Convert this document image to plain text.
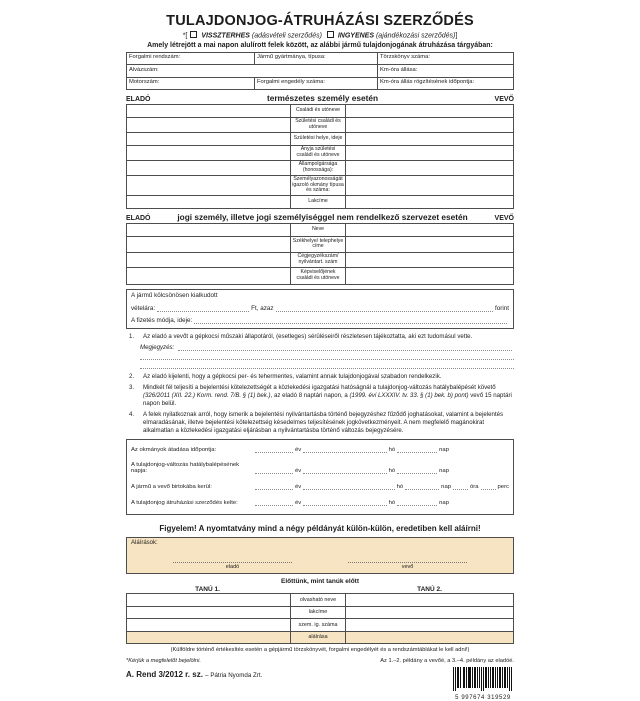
TULAJDONJOG-ÁTRUHÁZÁSI SZERZŐDÉS
*[ VISSZTERHES (adásvételi szerződés) INGYENES (ajándékozási szerződés)]
Amely létrejött a mai napon alulírott felek között, az alábbi jármű tulajdonjogának átruházása tárgyában:
Forgalmi rendszám:	Jármű gyártmánya, típusa:	Törzskönyv száma:
Alvázszám:	Km-óra állása:
Motorszám:	Forgalmi engedély száma:	Km-óra állás rögzítésének időpontja:
ELADÓ	természetes személy esetén	VEVŐ
Családi és utóneve
Születési családi és utóneve
Születési helye, ideje
Anyja születési családi és utóneve
Állampolgársága (honossága):
Személyazonosságát igazoló okmány típusa és száma:
Lakcíme
ELADÓ	jogi személy, illetve jogi személyiséggel nem rendelkező szervezet esetén	VEVŐ
Neve
Székhelye/ telephelye címe
Cégjegyzékszám/ nyilvántart. szám
Képviselőjének családi és utóneve
A jármű kölcsönösen kialkudott
vételára:	Ft, azaz	forint
A fizetés módja, ideje:
1.	Az eladó a vevőt a gépkocsi műszaki állapotáról, (esetleges) sérüléseiről részletesen tájékoztatta, aki ezt tudomásul vette.
Megjegyzés:
2.	Az eladó kijelenti, hogy a gépkocsi per- és tehermentes, valamint annak tulajdonjogával szabadon rendelkezik.
3.	Mindkét fél teljesíti a bejelentési kötelezettségét a közlekedési igazgatási hatóságnál a tulajdonjog-változás hatálybalépését követő (326/2011 (XII. 22.) Korm. rend. 7/B. § (1) bek.), az eladó 8 naptári napon, a (1999. évi LXXXIV. tv. 33. § (1) bek. b) pont) vevő 15 naptári napon belül.
4.	A felek nyilatkoznak arról, hogy ismerik a bejelentési nyilvántartásba történő bejegyzéshez fűződő joghatásokat, valamint a bejelentés elmaradásának, illetve bejelentési kötelezettség késedelmes teljesítésének jogkövetkezményeit. A nem megfelelő magánokirat alkalmatlan a közlekedési igazgatási eljárásban a nyilvántartásba történő változás bejegyzésére.
Az okmányok átadása időpontja:	év	hó	nap
A tulajdonjog-változás hatálybalépésének napja:	év	hó	nap
A jármű a vevő birtokába kerül:	év	hó	nap	óra	perc
A tulajdonjog átruházási szerződés kelte:	év	hó	nap
Figyelem! A nyomtatvány mind a négy példányát külön-külön, eredetiben kell aláírni!
Aláírások:
eladó	vevő
Előttünk, mint tanúk előtt
TANÚ 1.	TANÚ 2.
olvasható neve
lakcíme
szem. ig. száma
aláírása
(Külföldre történő értékesítés esetén a gépjármű törzskönyvét, forgalmi engedélyét és a rendszámtáblákat le kell adni!)
*Kérjük a megfelelőt bejelölni.	Az 1.–2. példány a vevőé, a 3.–4. példány az eladóé.
A. Rend 3/2012 r. sz. – Pátria Nyomda Zrt.
5 997674 319529
